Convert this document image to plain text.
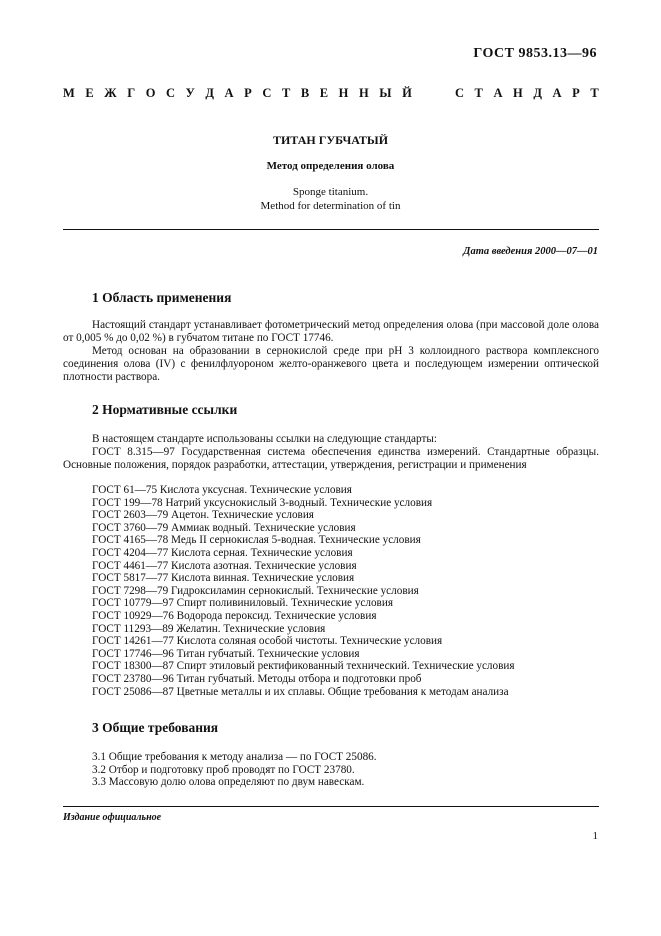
ГОСТ 9853.13—96
М Е Ж Г О С У Д А Р С Т В Е Н Н Ы Й	С Т А Н Д А Р Т
ТИТАН ГУБЧАТЫЙ
Метод определения олова
Sponge titanium.
Method for determination of tin
Дата введения 2000—07—01
1 Область применения
Настоящий стандарт устанавливает фотометрический метод определения олова (при массовой доле олова от 0,005 % до 0,02 %) в губчатом титане по ГОСТ 17746.
Метод основан на образовании в сернокислой среде при pH 3 коллоидного раствора комплексного соединения олова (IV) с фенилфлуороном желто-оранжевого цвета и последующем измерении оптической плотности раствора.
2 Нормативные ссылки
В настоящем стандарте использованы ссылки на следующие стандарты:
ГОСТ 8.315—97 Государственная система обеспечения единства измерений. Стандартные образцы. Основные положения, порядок разработки, аттестации, утверждения, регистрации и применения
ГОСТ 61—75 Кислота уксусная. Технические условия
ГОСТ 199—78 Натрий уксуснокислый 3-водный. Технические условия
ГОСТ 2603—79 Ацетон. Технические условия
ГОСТ 3760—79 Аммиак водный. Технические условия
ГОСТ 4165—78 Медь II сернокислая 5-водная. Технические условия
ГОСТ 4204—77 Кислота серная. Технические условия
ГОСТ 4461—77 Кислота азотная. Технические условия
ГОСТ 5817—77 Кислота винная. Технические условия
ГОСТ 7298—79 Гидроксиламин сернокислый. Технические условия
ГОСТ 10779—97 Спирт поливиниловый. Технические условия
ГОСТ 10929—76 Водорода пероксид. Технические условия
ГОСТ 11293—89 Желатин. Технические условия
ГОСТ 14261—77 Кислота соляная особой чистоты. Технические условия
ГОСТ 17746—96 Титан губчатый. Технические условия
ГОСТ 18300—87 Спирт этиловый ректификованный технический. Технические условия
ГОСТ 23780—96 Титан губчатый. Методы отбора и подготовки проб
ГОСТ 25086—87 Цветные металлы и их сплавы. Общие требования к методам анализа
3 Общие требования
3.1 Общие требования к методу анализа — по ГОСТ 25086.
3.2 Отбор и подготовку проб проводят по ГОСТ 23780.
3.3 Массовую долю олова определяют по двум навескам.
Издание официальное
1
